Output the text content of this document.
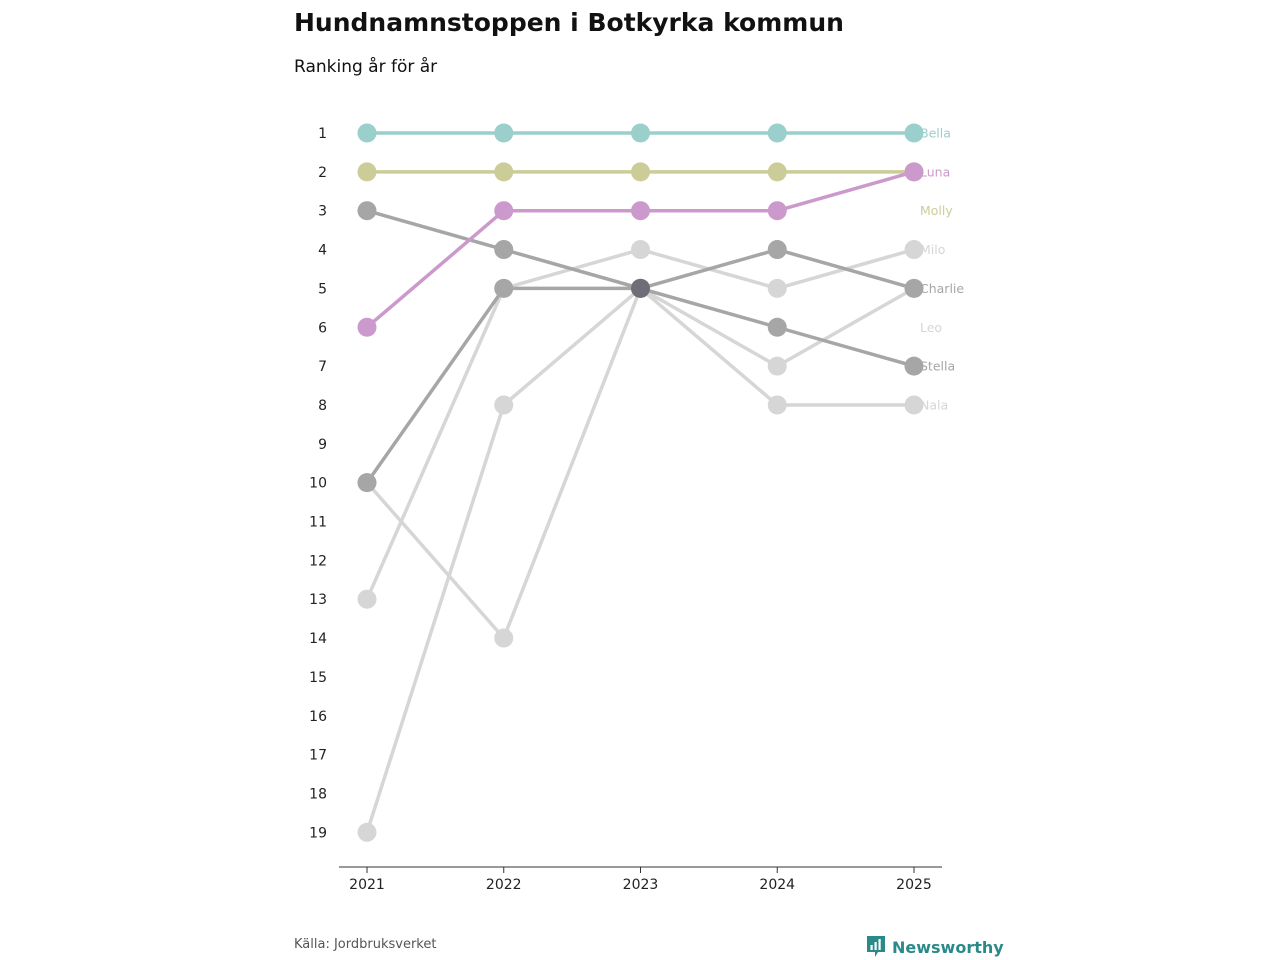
Hundnamnstoppen i Botkyrka kommun
Ranking år för år
1
2
3
4
5
6
7
8
9
10
11
12
13
14
15
16
17
18
19
2021	2022	2023	2024	2025
Bella
Luna
Molly
Milo
Charlie
Leo
Stella
Nala
Källa: Jordbruksverket	Newsworthy
